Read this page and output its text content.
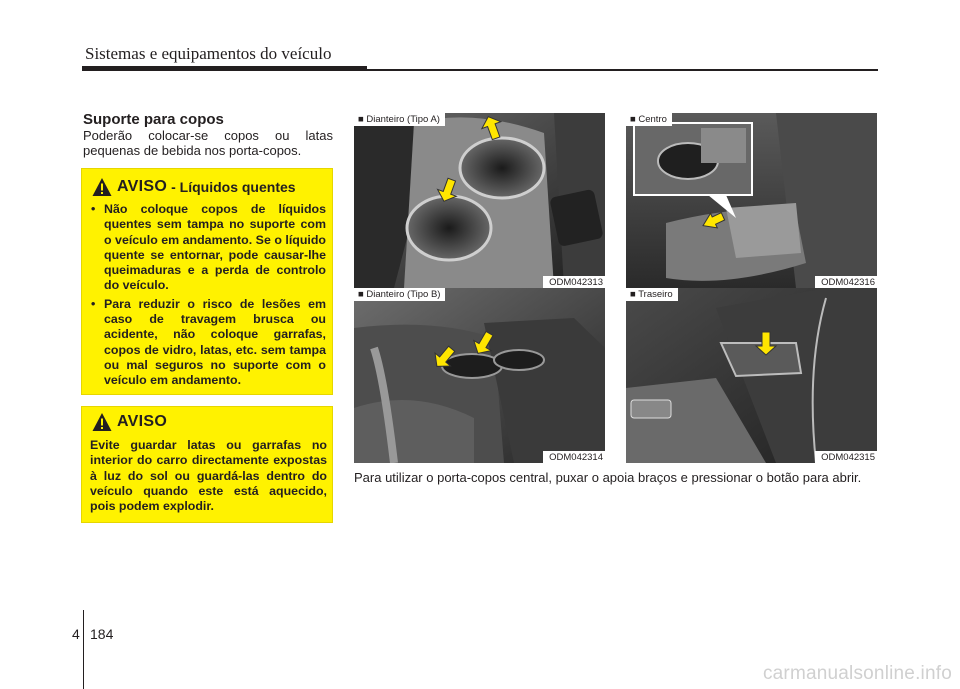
Sistemas e equipamentos do veículo
Suporte para copos
Poderão colocar-se copos ou latas pequenas de bebida nos porta-copos.
AVISO - Líquidos quentes
• Não coloque copos de líquidos quentes sem tampa no suporte com o veículo em andamento. Se o líquido quente se entornar, pode causar-lhe queimaduras e a perda de controlo do veículo.
• Para reduzir o risco de lesões em caso de travagem brusca ou acidente, não coloque garrafas, copos de vidro, latas, etc. sem tampa ou mal seguros no suporte com o veículo em andamento.
AVISO

Evite guardar latas ou garrafas no interior do carro directamente expostas à luz do sol ou guardá-las dentro do veículo quando este está aquecido, pois podem explodir.

■ Dianteiro (Tipo A)
ODM042313
■ Centro
ODM042316
■ Dianteiro (Tipo B)
ODM042314
■ Traseiro
ODM042315
Para utilizar o porta-copos central, puxar o apoia braços e pressionar o botão para abrir.
4 184
carmanualsonline.info
